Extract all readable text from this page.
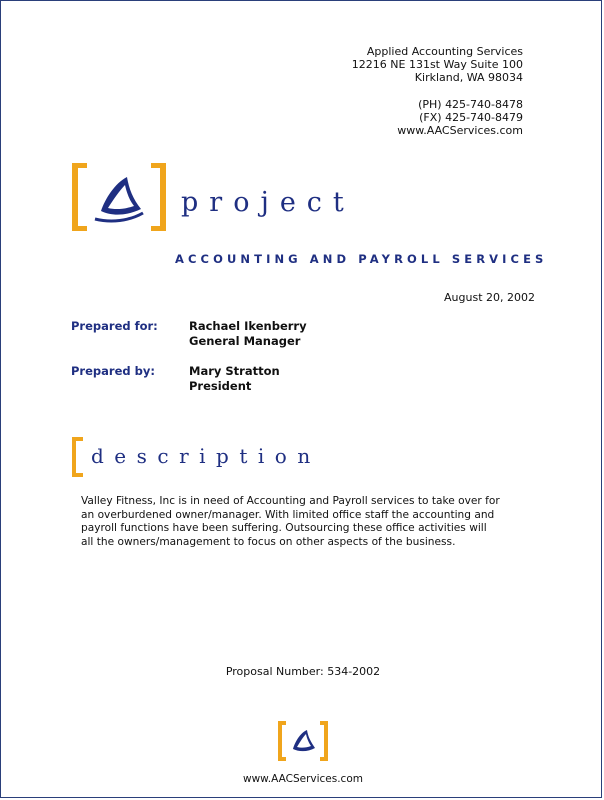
Applied Accounting Services
12216 NE 131st Way Suite 100
Kirkland, WA 98034
(PH) 425-740-8478
(FX) 425-740-8479
www.AACServices.com
project
ACCOUNTING AND PAYROLL SERVICES
August 20, 2002
Prepared for:	Rachael Ikenberry
General Manager
Prepared by:	Mary Stratton
President
description
Valley Fitness, Inc is in need of Accounting and Payroll services to take over for
an overburdened owner/manager. With limited office staff the accounting and
payroll functions have been suffering. Outsourcing these office activities will
all the owners/management to focus on other aspects of the business.
Proposal Number: 534-2002
www.AACServices.com
